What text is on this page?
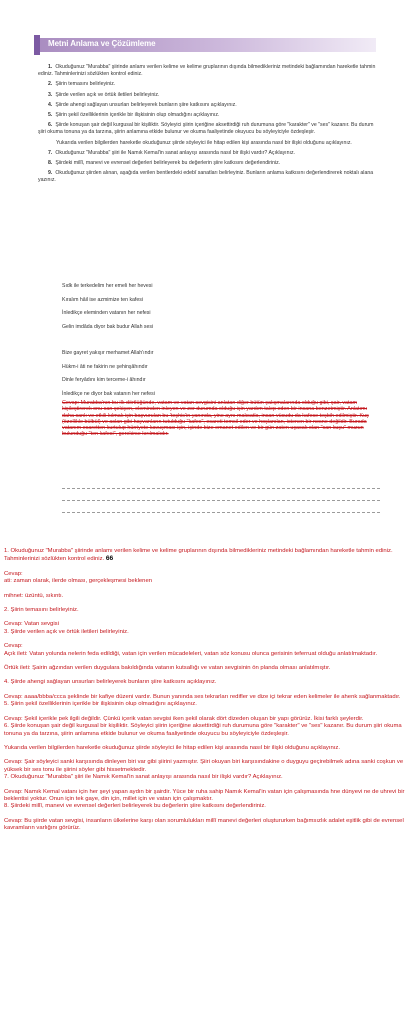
Metni Anlama ve Çözümleme

1. Okuduğunuz "Murabba" şiirinde anlamı verilen kelime ve kelime gruplarının dışında bilmedikleriniz metindeki bağlamından hareketle tahmin ediniz. Tahminlerinizi sözlükten kontrol ediniz.

2. Şiirin temasını belirleyiniz.

3. Şiirde verilen açık ve örtük iletileri belirleyiniz.

4. Şiirde ahengi sağlayan unsurları belirleyerek bunların şiire katkısını açıklayınız.

5. Şiirin şekil özelliklerinin içerikle bir ilişkisinin olup olmadığını açıklayınız.

6. Şiirde konuşan şair değil kurgusal bir kişiliktir. Söyleyici şiirin içeriğine aksettirdiği ruh durumuna göre "karakter" ve "ses" kazanır. Bu durum şiiri okuma tonuna ya da tarzına, şiirin anlamına etkide bulunur ve okuma faaliyetinde okuyucu bu söyleyiciyle özdeşleşir.

Yukarıda verilen bilgilerden hareketle okuduğunuz şiirde söyleyici ile hitap edilen kişi arasında nasıl bir ilişki olduğunu açıklayınız.

7. Okuduğunuz "Murabba" şiiri ile Namık Kemal'in sanat anlayışı arasında nasıl bir ilişki vardır? Açıklayınız.

8. Şiirdeki millî, manevi ve evrensel değerleri belirleyerek bu değerlerin şiire katkısını değerlendiriniz.

9. Okuduğunuz şiirden alınan, aşağıda verilen bentlerdeki edebî sanatları belirleyiniz. Bunların anlama katkısını değerlendirerek noktalı alana yazınız.

Sıdk ile terkedelim her emeli her hevesi
Kıralım hâil ise azmimize ten kafesi
İnledikçe eleminden vatanın her nefesi
Gelin imdâda diyor bak budur Allah sesi
Bize gayret yakışır merhamet Allah'ındır
Hükm-i âti ne fakirin ne şehinşâhındır
Dinle feryâdını kim terceme-i âhındır
İnledikçe ne diyor bak vatanın her nefesi
Cevap: Murabba'nın bu ilk dörtlüğünde, vatam ve vatan sevgisini anlatan diğer bütün çalışmalarında olduğu gibi, şair, vatam kişileştirerek onu can çekişen, eleminden inleyen ve zor durumda olduğu için yardım talep eden bir insana benzetmiştir. Anlatımı daha canlı ve etkili kılmak için başvurulan bu 'teşhis'in yanında, yine aynı maksatla, insan vücudu da kafese teşbih edilmiştir. Kuş (özellikle bülbül) ve aslan gibi hayvanların tutulduğu "kafes", esareti temsil eder ve hoşlanılan, istenen bir nesne değildir. Burada vatanım esaretten kurtulup hürriyete kavuşması için, içinde bize emanet edilen ve bir gün zaten uçacak olan "can kuşu" muzun bulunduğu "ten kafesi", gerekirse kırılmalıdır.

1. Okuduğunuz "Murabba" şiirinde anlamı verilen kelime ve kelime gruplarının dışında bilmedikleriniz metindeki bağlamından hareketle tahmin ediniz. Tahminlerinizi sözlükten kontrol ediniz. 66

Cevap:

ati: zaman olarak, ilerde olması, gerçekleşmesi beklenen

mihnet: üzüntü, sıkıntı.

2. Şiirin temasını belirleyiniz.

Cevap: Vatan sevgisi

3. Şiirde verilen açık ve örtük iletileri belirleyiniz.

Cevap:

Açık ileti: Vatan yolunda nelerin feda edildiği, vatan için verilen mücadeleleri, vatan söz konusu olunca gerisinin teferruat olduğu anlatılmaktadır.

Örtük ileti: Şairin ağzından verilen duygulara bakıldığında vatanın kutsallığı ve vatan sevgisinin ön planda olması anlatılmıştır.

4. Şiirde ahengi sağlayan unsurları belirleyerek bunların şiire katkısını açıklayınız.

Cevap: aaaa/bbba/ccca şeklinde bir kafiye düzeni vardır. Bunun yanında ses tekrarları redifler ve dize içi tekrar eden kelimeler ile ahenk sağlanmaktadır.

5. Şiirin şekil özelliklerinin içerikle bir ilişkisinin olup olmadığını açıklayınız.

Cevap: Şekil içerikle pek ilgili değildir. Çünkü içerik vatan sevgisi iken şekil olarak dört dizeden oluşan bir yapı görürüz. İkisi farklı şeylerdir.

6. Şiirde konuşan şair değil kurgusal bir kişiliktir. Söyleyici şiirin içeriğine aksettirdiği ruh durumuna göre "karakter" ve "ses" kazanır. Bu durum şiiri okuma tonuna ya da tarzına, şiirin anlamına etkide bulunur ve okuma faaliyetinde okuyucu bu söyleyiciyle özdeşleşir.

Yukarıda verilen bilgilerden hareketle okuduğunuz şiirde söyleyici ile hitap edilen kişi arasında nasıl bir ilişki olduğunu açıklayınız.

Cevap: Şair söyleyici sanki karşısında dinleyen biri var gibi şiirini yazmıştır. Şiiri okuyan biri karşısındakine o duyguyu geçirebilmek adına sanki coşkun ve yüksek bir ses tonu ile şiirini söyler gibi hissetmektedir.

7. Okuduğunuz "Murabba" şiiri ile Namık Kemal'in sanat anlayışı arasında nasıl bir ilişki vardır? Açıklayınız.

Cevap: Namık Kemal vatanı için her şeyi yapan aydın bir şairdir. Yüce bir ruha sahip Namık Kemal'in vatan için çalışmasında hne dünyevi ne de uhrevi bir beklentisi yoktur. Onun için tek gaye, din için, millet için ve vatan için çalışmaktır.

8. Şiirdeki millî, manevi ve evrensel değerleri belirleyerek bu değerlerin şiire katkısını değerlendiriniz.

Cevap: Bu şiirde vatan sevgisi, insanların ülkelerine karşı olan sorumlulukları millî manevi değerleri oluştururken bağımsızlık adalet eşitlik gibi de evrensel kavramların varlığını görürüz.
